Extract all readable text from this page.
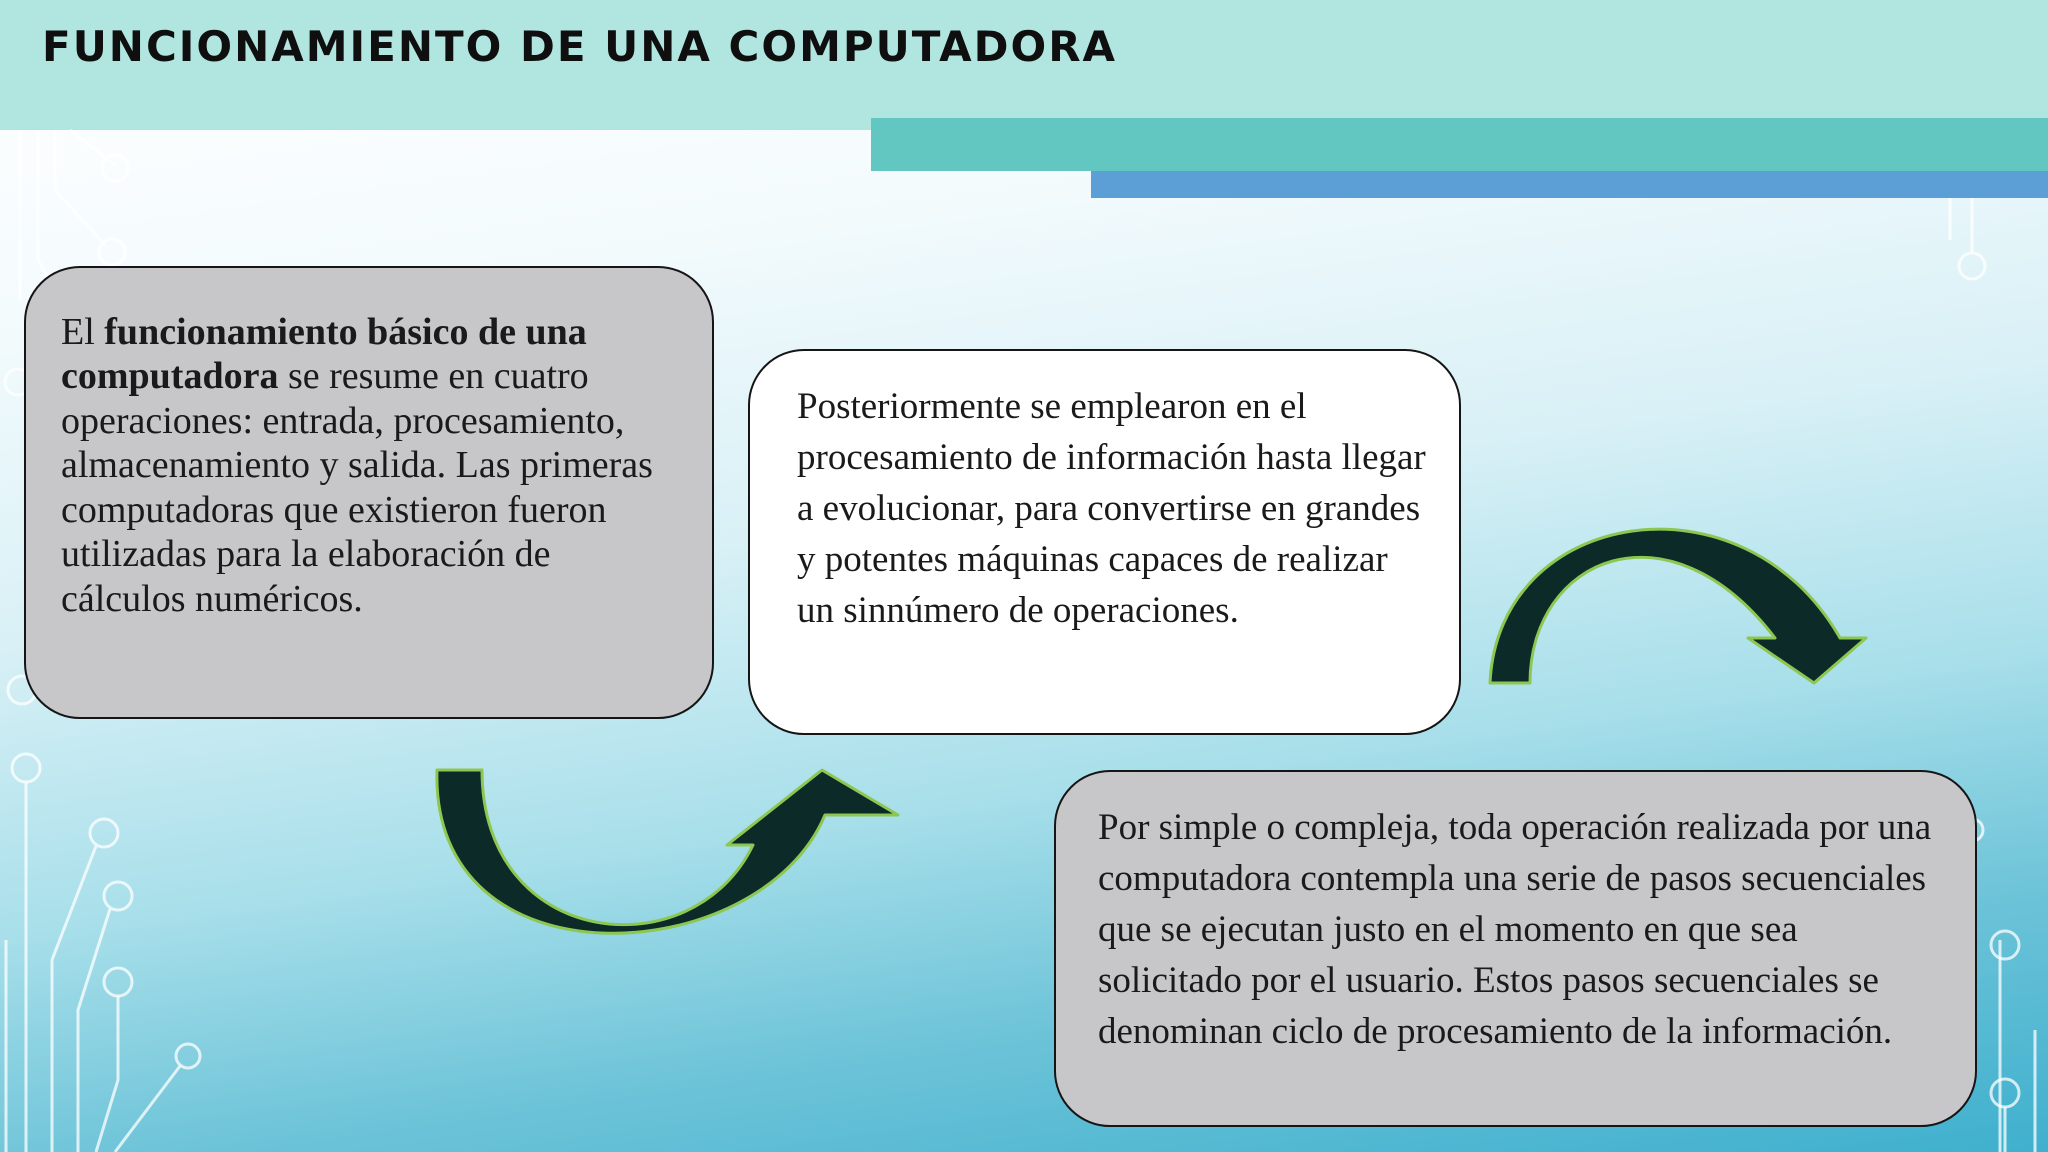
FUNCIONAMIENTO DE UNA COMPUTADORA

El funcionamiento básico de una computadora se resume en cuatro operaciones: entrada, procesamiento, almacenamiento y salida. Las primeras computadoras que existieron fueron utilizadas para la elaboración de cálculos numéricos.

Posteriormente se emplearon en el procesamiento de información hasta llegar a evolucionar, para convertirse en grandes y potentes máquinas capaces de realizar un sinnúmero de operaciones.

Por simple o compleja, toda operación realizada por una computadora contempla una serie de pasos secuenciales que se ejecutan justo en el momento en que sea solicitado por el usuario. Estos pasos secuenciales se denominan ciclo de procesamiento de la información.
